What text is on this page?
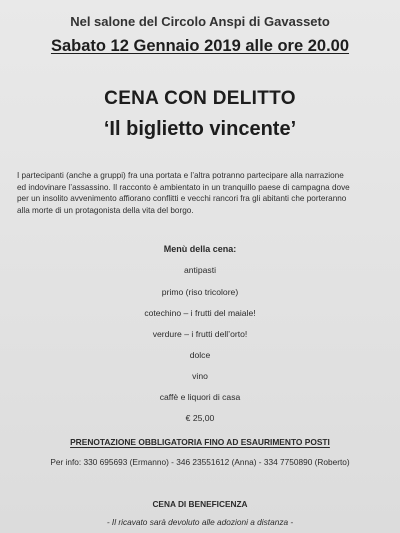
Nel salone del Circolo Anspi di Gavasseto
Sabato 12 Gennaio 2019 alle ore 20.00
CENA CON DELITTO
‘Il biglietto vincente’
I partecipanti (anche a gruppi) fra una portata e l’altra potranno partecipare alla narrazione
ed indovinare l’assassino. Il racconto è ambientato in un tranquillo paese di campagna dove
per un insolito avvenimento affiorano conflitti e vecchi rancori fra gli abitanti che porteranno
alla morte di un protagonista della vita del borgo.
Menù della cena:
antipasti
primo (riso tricolore)
cotechino – i frutti del maiale!
verdure – i frutti dell’orto!
dolce
vino
caffè e liquori di casa
€ 25,00
PRENOTAZIONE OBBLIGATORIA FINO AD ESAURIMENTO POSTI
Per info: 330 695693 (Ermanno) - 346 23551612 (Anna) - 334 7750890 (Roberto)
CENA DI BENEFICENZA
- Il ricavato sarà devoluto alle adozioni a distanza -
